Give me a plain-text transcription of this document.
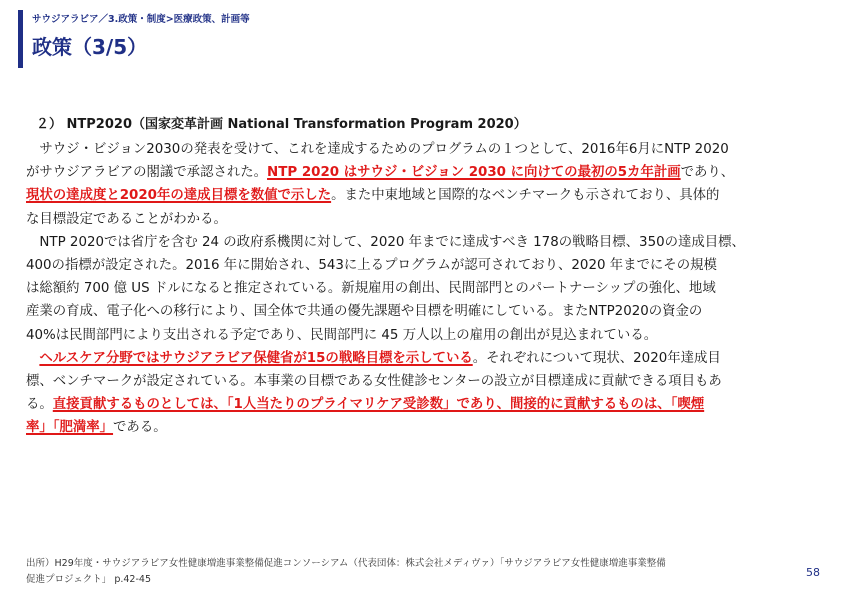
サウジアラビア／3.政策・制度>医療政策、計画等
政策（3/5）
２） NTP2020（国家変革計画 National Transformation Program 2020）
　サウジ・ビジョン2030の発表を受けて、これを達成するためのプログラムの１つとして、2016年6月にNTP 2020
がサウジアラビアの閣議で承認された。NTP 2020 はサウジ・ビジョン 2030 に向けての最初の5カ年計画であり、
現状の達成度と2020年の達成目標を数値で示した。また中東地域と国際的なベンチマークも示されており、具体的
な目標設定であることがわかる。
　NTP 2020では省庁を含む 24 の政府系機関に対して、2020 年までに達成すべき 178の戦略目標、350の達成目標、
400の指標が設定された。2016 年に開始され、543に上るプログラムが認可されており、2020 年までにその規模
は総額約 700 億 US ドルになると推定されている。新規雇用の創出、民間部門とのパートナーシップの強化、地域
産業の育成、電子化への移行により、国全体で共通の優先課題や目標を明確にしている。またNTP2020の資金の
40%は民間部門により支出される予定であり、民間部門に 45 万人以上の雇用の創出が見込まれている。
　ヘルスケア分野ではサウジアラビア保健省が15の戦略目標を示している。それぞれについて現状、2020年達成目
標、ベンチマークが設定されている。本事業の目標である女性健診センターの設立が目標達成に貢献できる項目もあ
る。直接貢献するものとしては、「1人当たりのプライマリケア受診数」であり、間接的に貢献するものは、「喫煙
率」「肥満率」である。
出所）H29年度・サウジアラビア女性健康増進事業整備促進コンソーシアム（代表団体：株式会社メディヴァ）「サウジアラビア女性健康増進事業整備
促進プロジェクト」 p.42-45
58
